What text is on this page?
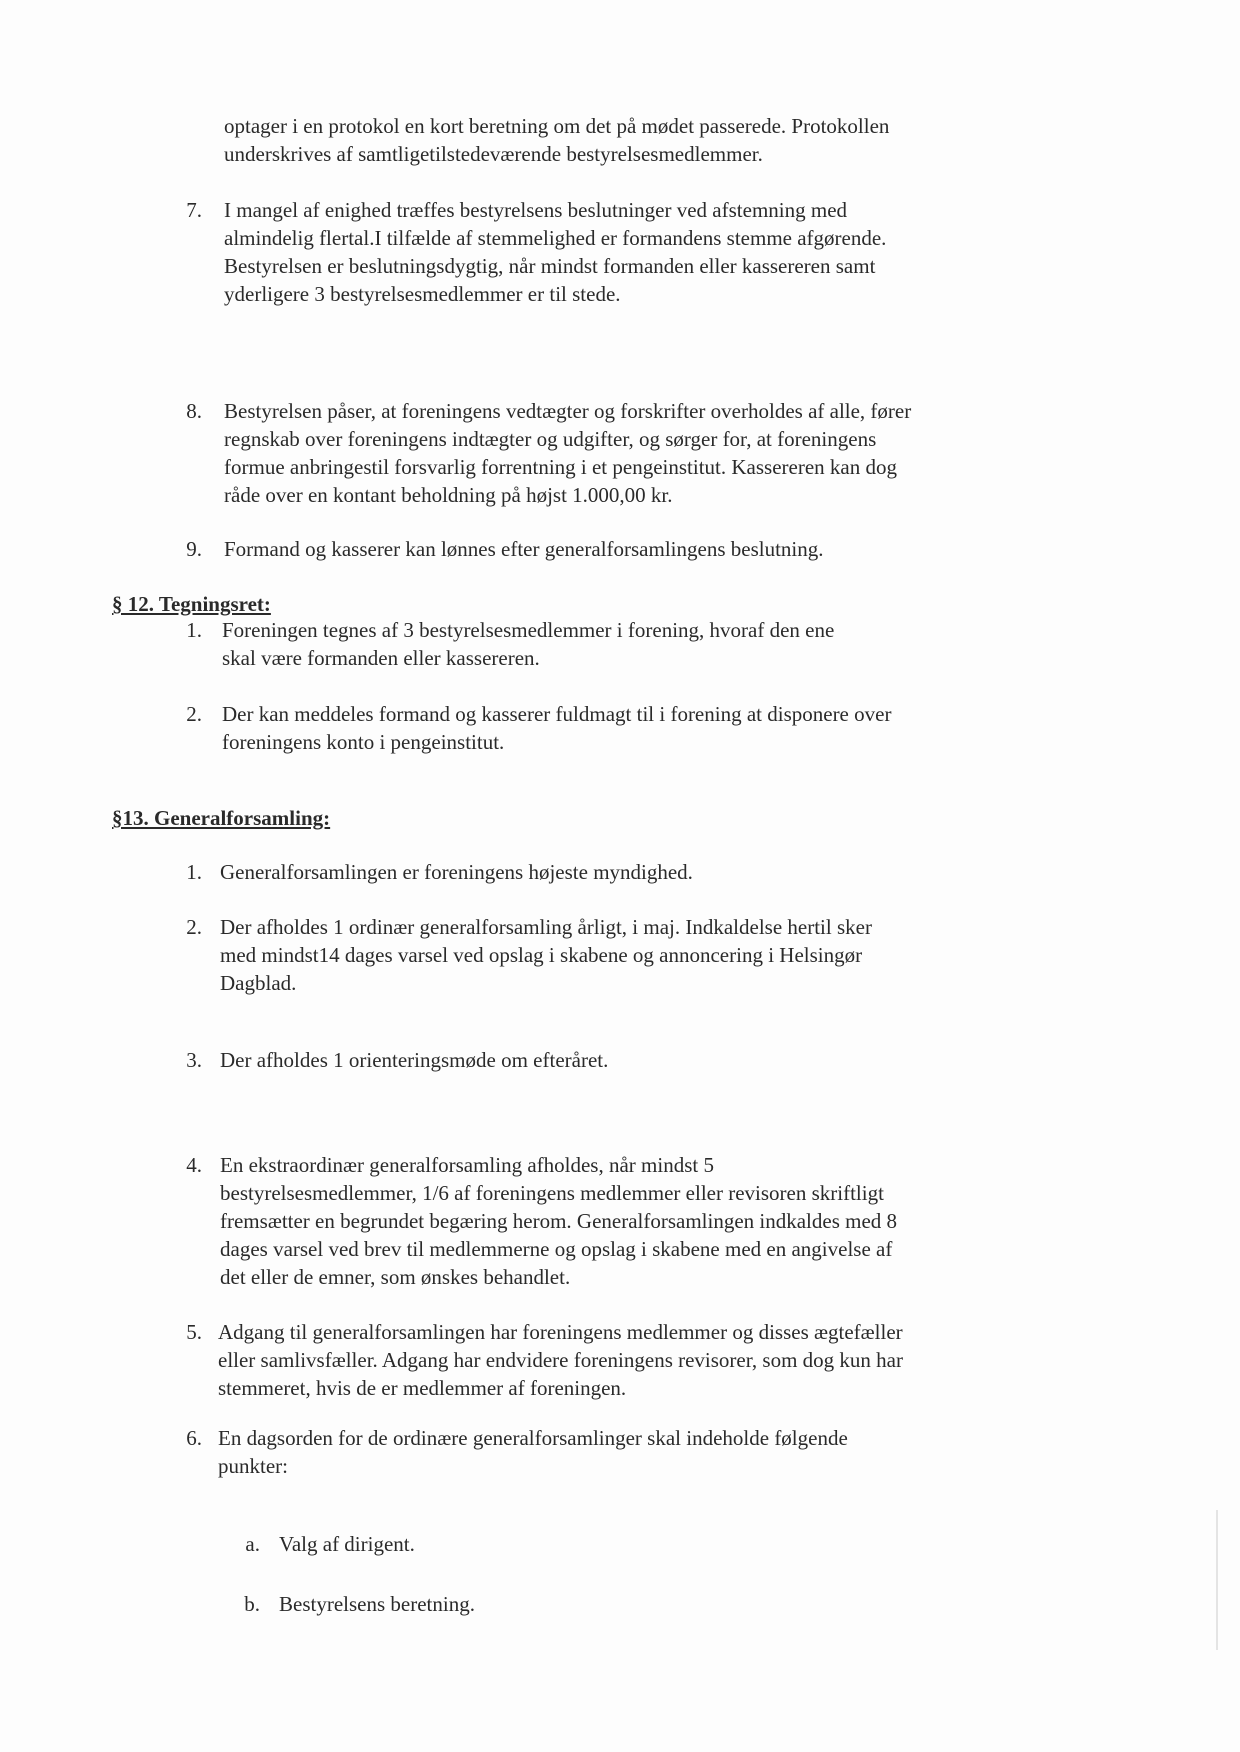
optager i en protokol en kort beretning om det på mødet passerede. Protokollen
underskrives af samtligetilstedeværende bestyrelsesmedlemmer.
7. I mangel af enighed træffes bestyrelsens beslutninger ved afstemning med
almindelig flertal.I tilfælde af stemmelighed er formandens stemme afgørende.
Bestyrelsen er beslutningsdygtig, når mindst formanden eller kassereren samt
yderligere 3 bestyrelsesmedlemmer er til stede.
8. Bestyrelsen påser, at foreningens vedtægter og forskrifter overholdes af alle, fører
regnskab over foreningens indtægter og udgifter, og sørger for, at foreningens
formue anbringestil forsvarlig forrentning i et pengeinstitut. Kassereren kan dog
råde over en kontant beholdning på højst 1.000,00 kr.
9. Formand og kasserer kan lønnes efter generalforsamlingens beslutning.
§ 12. Tegningsret:
1. Foreningen tegnes af 3 bestyrelsesmedlemmer i forening, hvoraf den ene
skal være formanden eller kassereren.
2. Der kan meddeles formand og kasserer fuldmagt til i forening at disponere over
foreningens konto i pengeinstitut.
§13. Generalforsamling:
1. Generalforsamlingen er foreningens højeste myndighed.
2. Der afholdes 1 ordinær generalforsamling årligt, i maj. Indkaldelse hertil sker
med mindst14 dages varsel ved opslag i skabene og annoncering i Helsingør
Dagblad.
3. Der afholdes 1 orienteringsmøde om efteråret.
4. En ekstraordinær generalforsamling afholdes, når mindst 5
bestyrelsesmedlemmer, 1/6 af foreningens medlemmer eller revisoren skriftligt
fremsætter en begrundet begæring herom. Generalforsamlingen indkaldes med 8
dages varsel ved brev til medlemmerne og opslag i skabene med en angivelse af
det eller de emner, som ønskes behandlet.
5. Adgang til generalforsamlingen har foreningens medlemmer og disses ægtefæller
eller samlivsfæller. Adgang har endvidere foreningens revisorer, som dog kun har
stemmeret, hvis de er medlemmer af foreningen.
6. En dagsorden for de ordinære generalforsamlinger skal indeholde følgende
punkter:
a. Valg af dirigent.
b. Bestyrelsens beretning.
